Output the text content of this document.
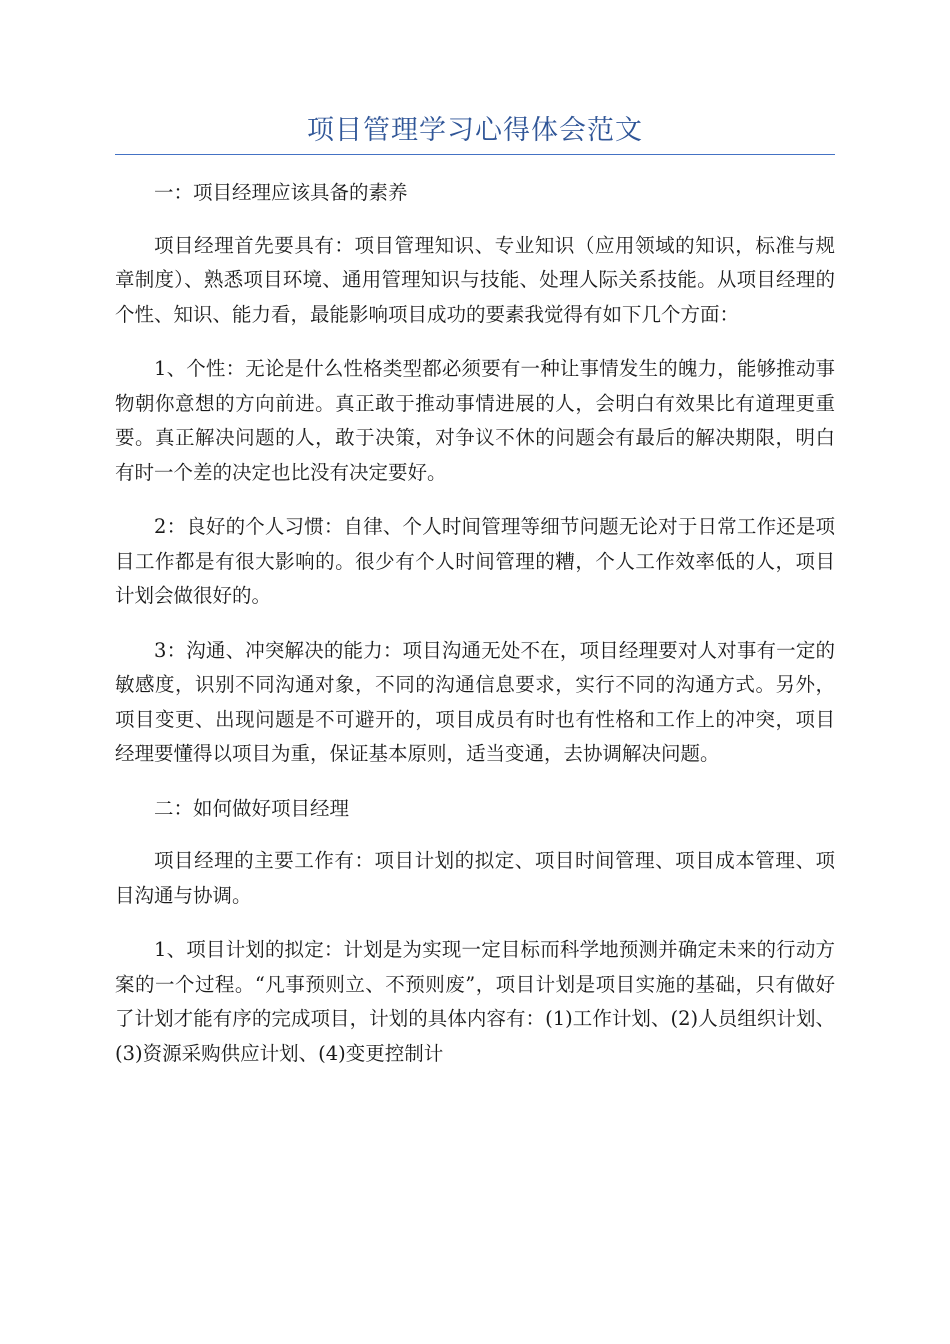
项目管理学习心得体会范文

一：项目经理应该具备的素养

项目经理首先要具有：项目管理知识、专业知识（应用领域的知识，标准与规章制度）、熟悉项目环境、通用管理知识与技能、处理人际关系技能。从项目经理的个性、知识、能力看，最能影响项目成功的要素我觉得有如下几个方面：

1、个性：无论是什么性格类型都必须要有一种让事情发生的魄力，能够推动事物朝你意想的方向前进。真正敢于推动事情进展的人，会明白有效果比有道理更重要。真正解决问题的人，敢于决策，对争议不休的问题会有最后的解决期限，明白有时一个差的决定也比没有决定要好。

2：良好的个人习惯：自律、个人时间管理等细节问题无论对于日常工作还是项目工作都是有很大影响的。很少有个人时间管理的糟，个人工作效率低的人，项目计划会做很好的。

3：沟通、冲突解决的能力：项目沟通无处不在，项目经理要对人对事有一定的敏感度，识别不同沟通对象，不同的沟通信息要求，实行不同的沟通方式。另外，项目变更、出现问题是不可避开的，项目成员有时也有性格和工作上的冲突，项目经理要懂得以项目为重，保证基本原则，适当变通，去协调解决问题。

二：如何做好项目经理

项目经理的主要工作有：项目计划的拟定、项目时间管理、项目成本管理、项目沟通与协调。

1、项目计划的拟定：计划是为实现一定目标而科学地预测并确定未来的行动方案的一个过程。“凡事预则立、不预则废”，项目计划是项目实施的基础，只有做好了计划才能有序的完成项目，计划的具体内容有：(1)工作计划、(2)人员组织计划、(3)资源采购供应计划、(4)变更控制计
